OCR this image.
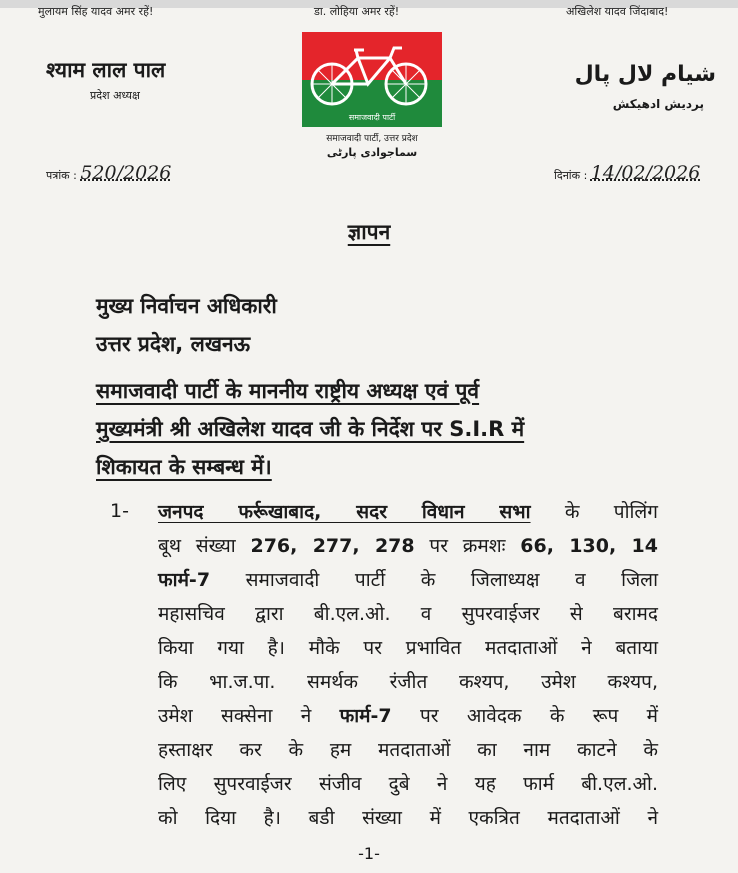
मुलायम सिंह यादव अमर रहें!	डा. लोहिया अमर रहें!	अखिलेश यादव जिंदाबाद!
श्याम लाल पाल
प्रदेश अध्यक्ष
شیام لال پال
پردیش ادھیکش
समाजवादी पार्टी
समाजवादी पार्टी, उत्तर प्रदेश
سماجوادی پارٹی
पत्रांक : 520/2026	दिनांक : 14/02/2026
ज्ञापन
मुख्य निर्वाचन अधिकारी
उत्तर प्रदेश, लखनऊ
समाजवादी पार्टी के माननीय राष्ट्रीय अध्यक्ष एवं पूर्व
मुख्यमंत्री श्री अखिलेश यादव जी के निर्देश पर S.I.R में
शिकायत के सम्बन्ध में।
1- जनपद फर्रूखाबाद, सदर विधान सभा के पोलिंग
बूथ संख्या 276, 277, 278 पर क्रमशः 66, 130, 14
फार्म-7 समाजवादी पार्टी के जिलाध्यक्ष व जिला
महासचिव द्वारा बी.एल.ओ. व सुपरवाईजर से बरामद
किया गया है। मौके पर प्रभावित मतदाताओं ने बताया
कि भा.ज.पा. समर्थक रंजीत कश्यप, उमेश कश्यप,
उमेश सक्सेना ने फार्म-7 पर आवेदक के रूप में
हस्ताक्षर कर के हम मतदाताओं का नाम काटने के
लिए सुपरवाईजर संजीव दुबे ने यह फार्म बी.एल.ओ.
को दिया है। बडी संख्या में एकत्रित मतदाताओं ने
-1-
